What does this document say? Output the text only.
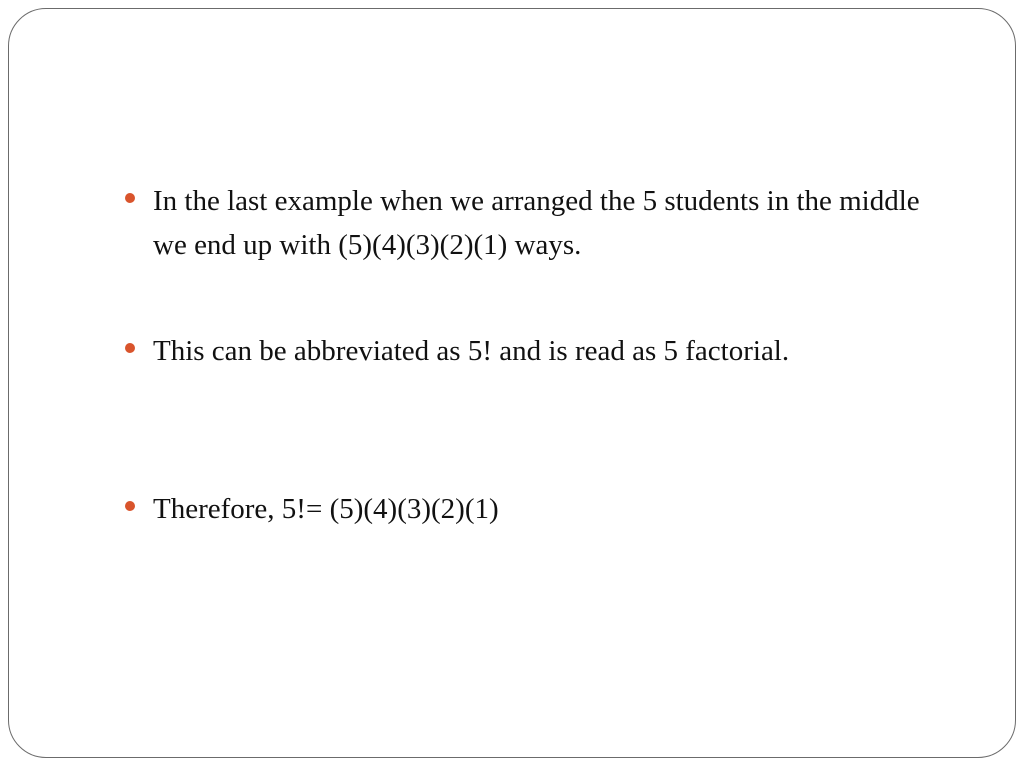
In the last example when we arranged the 5 students in the middle we end up with (5)(4)(3)(2)(1) ways.
This can be abbreviated as 5! and is read as 5 factorial.
Therefore, 5!= (5)(4)(3)(2)(1)
